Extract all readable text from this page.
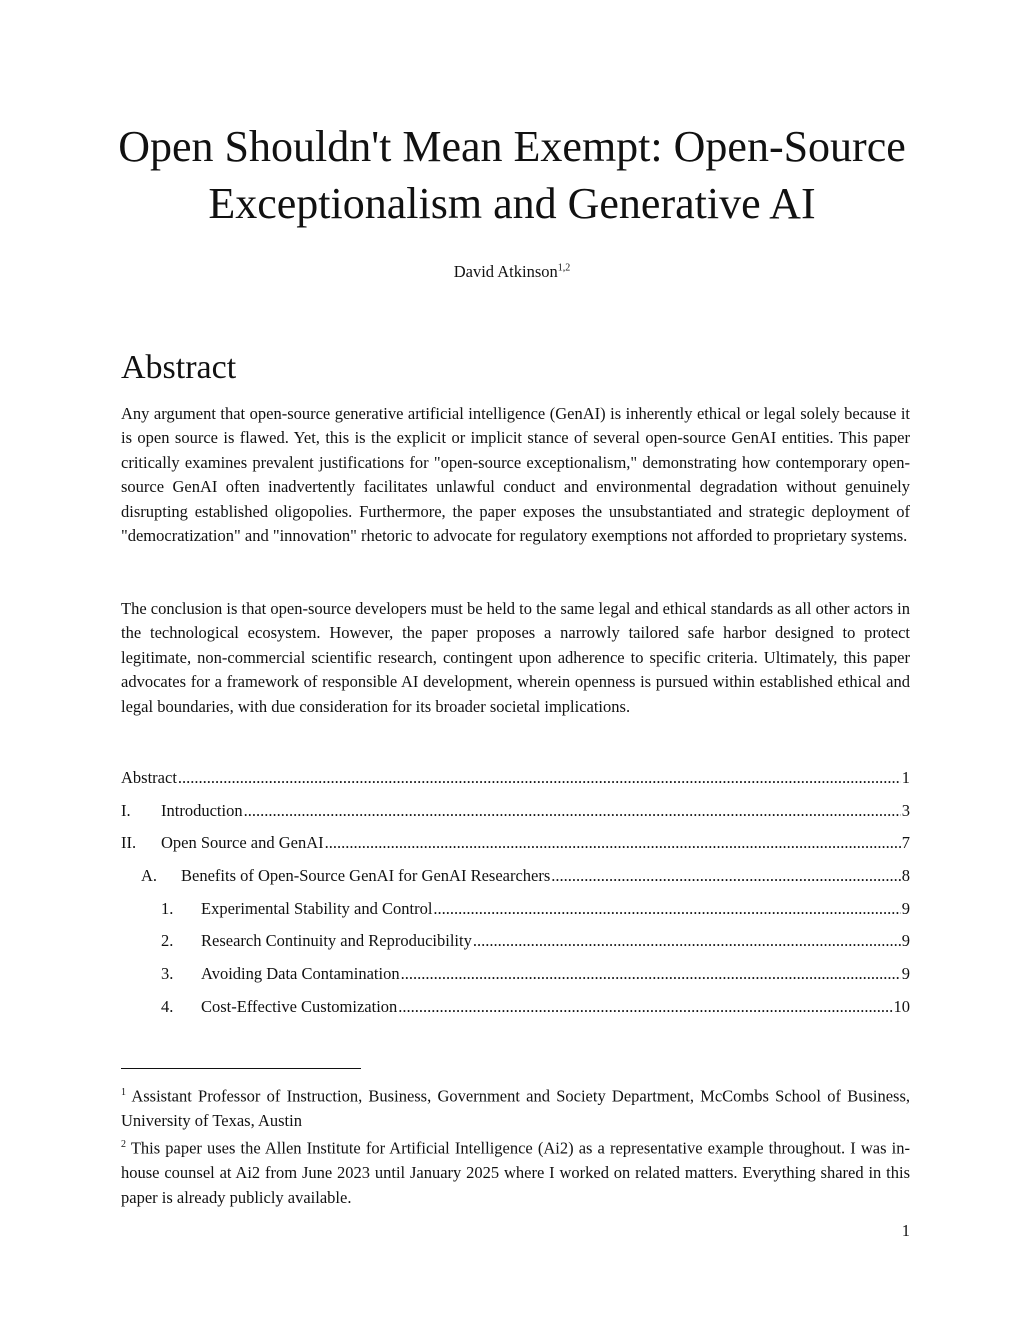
Open Shouldn't Mean Exempt: Open-Source
Exceptionalism and Generative AI
David Atkinson$^{1,2}$
Abstract

Any argument that open-source generative artificial intelligence (GenAI) is inherently ethical or legal solely because it is open source is flawed. Yet, this is the explicit or implicit stance of several open-source GenAI entities. This paper critically examines prevalent justifications for "open-source exceptionalism," demonstrating how contemporary open-source GenAI often inadvertently facilitates unlawful conduct and environmental degradation without genuinely disrupting established oligopolies. Furthermore, the paper exposes the unsubstantiated and strategic deployment of "democratization" and "innovation" rhetoric to advocate for regulatory exemptions not afforded to proprietary systems.

The conclusion is that open-source developers must be held to the same legal and ethical standards as all other actors in the technological ecosystem. However, the paper proposes a narrowly tailored safe harbor designed to protect legitimate, non-commercial scientific research, contingent upon adherence to specific criteria. Ultimately, this paper advocates for a framework of responsible AI development, wherein openness is pursued within established ethical and legal boundaries, with due consideration for its broader societal implications.

Abstract .....	1
I.	Introduction .....	3
II.	Open Source and GenAI .....	7
A.	Benefits of Open-Source GenAI for GenAI Researchers .....	8
1.	Experimental Stability and Control .....	9
2.	Research Continuity and Reproducibility .....	9
3.	Avoiding Data Contamination .....	9
4.	Cost-Effective Customization .....	10
$^1$ Assistant Professor of Instruction, Business, Government and Society Department, McCombs School of Business, University of Texas, Austin
$^2$ This paper uses the Allen Institute for Artificial Intelligence (Ai2) as a representative example throughout. I was in-house counsel at Ai2 from June 2023 until January 2025 where I worked on related matters. Everything shared in this paper is already publicly available.
1
